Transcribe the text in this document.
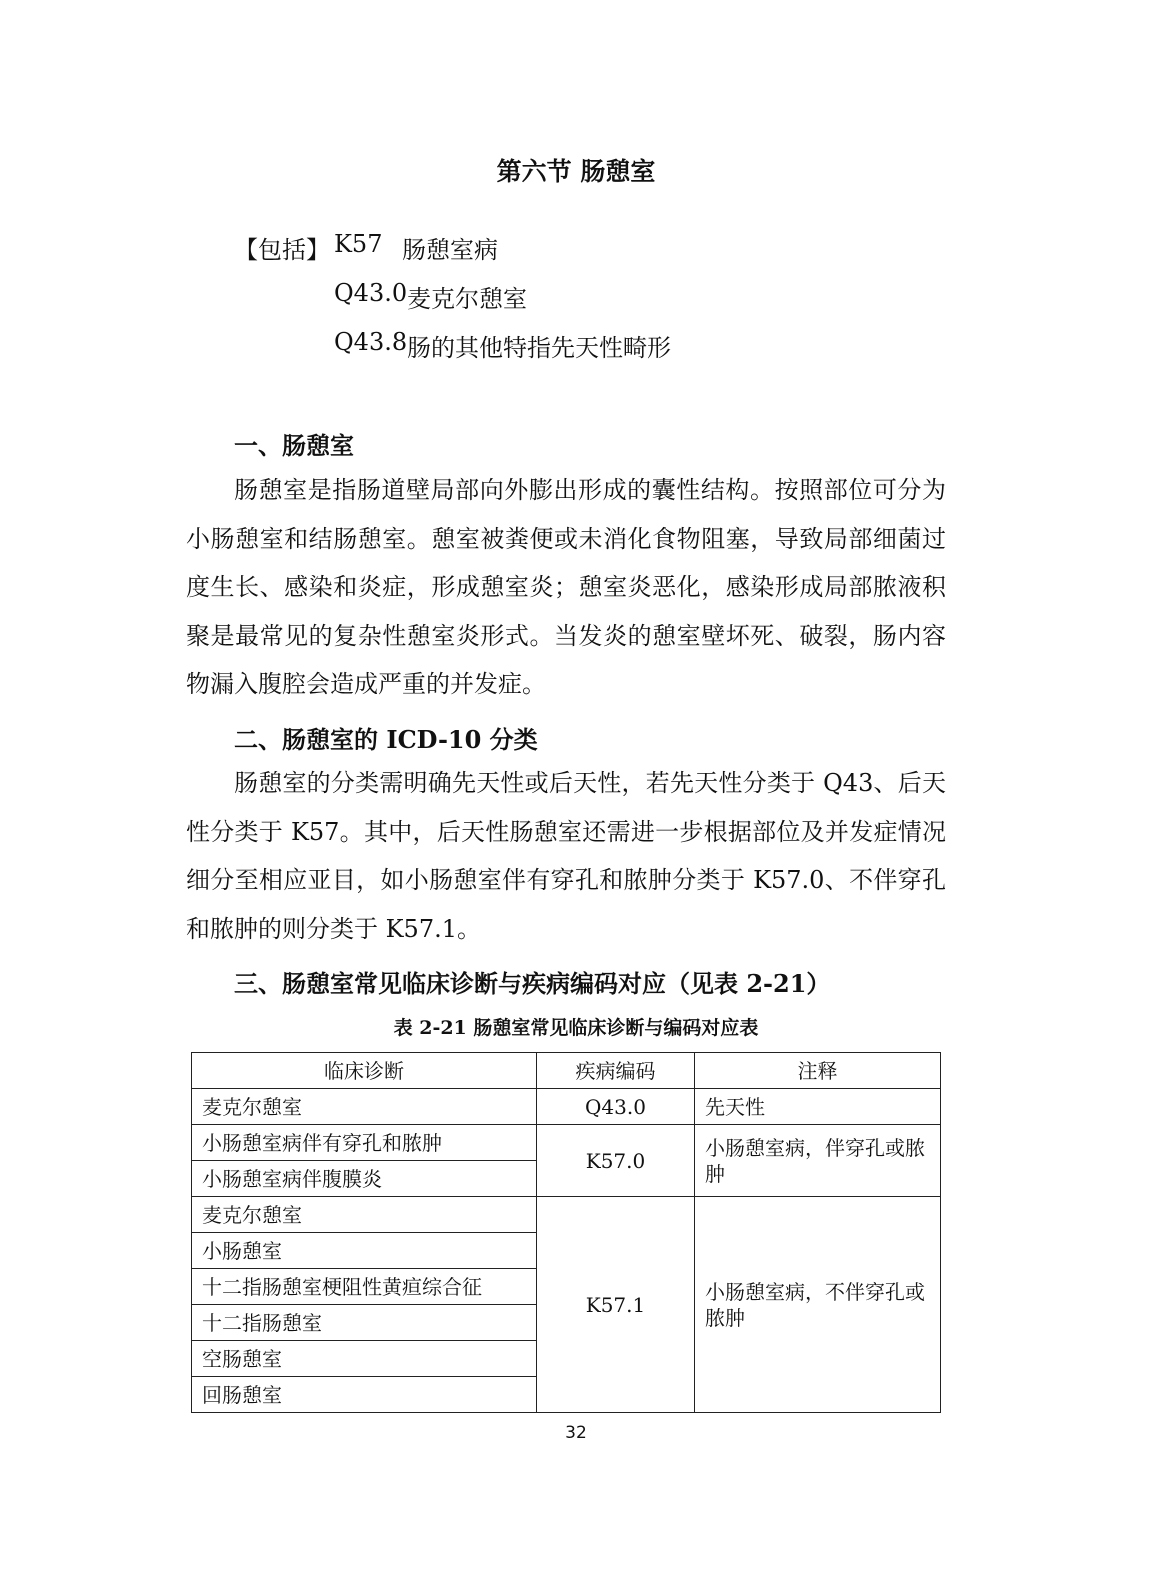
第六节 肠憩室
【包括】 K57 肠憩室病
Q43.0 麦克尔憩室
Q43.8 肠的其他特指先天性畸形
一、肠憩室

肠憩室是指肠道壁局部向外膨出形成的囊性结构。按照部位可分为小肠憩室和结肠憩室。憩室被粪便或未消化食物阻塞，导致局部细菌过度生长、感染和炎症，形成憩室炎；憩室炎恶化，感染形成局部脓液积聚是最常见的复杂性憩室炎形式。当发炎的憩室壁坏死、破裂，肠内容物漏入腹腔会造成严重的并发症。

二、肠憩室的 ICD-10 分类

肠憩室的分类需明确先天性或后天性，若先天性分类于 Q43、后天性分类于 K57。其中，后天性肠憩室还需进一步根据部位及并发症情况细分至相应亚目，如小肠憩室伴有穿孔和脓肿分类于 K57.0、不伴穿孔和脓肿的则分类于 K57.1。

三、肠憩室常见临床诊断与疾病编码对应（见表 2-21）
表 2-21 肠憩室常见临床诊断与编码对应表
临床诊断	疾病编码	注释
麦克尔憩室	Q43.0	先天性
小肠憩室病伴有穿孔和脓肿	K57.0	小肠憩室病，伴穿孔或脓肿
小肠憩室病伴腹膜炎		
麦克尔憩室	K57.1	小肠憩室病，不伴穿孔或脓肿
小肠憩室		
十二指肠憩室梗阻性黄疸综合征		
十二指肠憩室		
空肠憩室		
回肠憩室		
32
